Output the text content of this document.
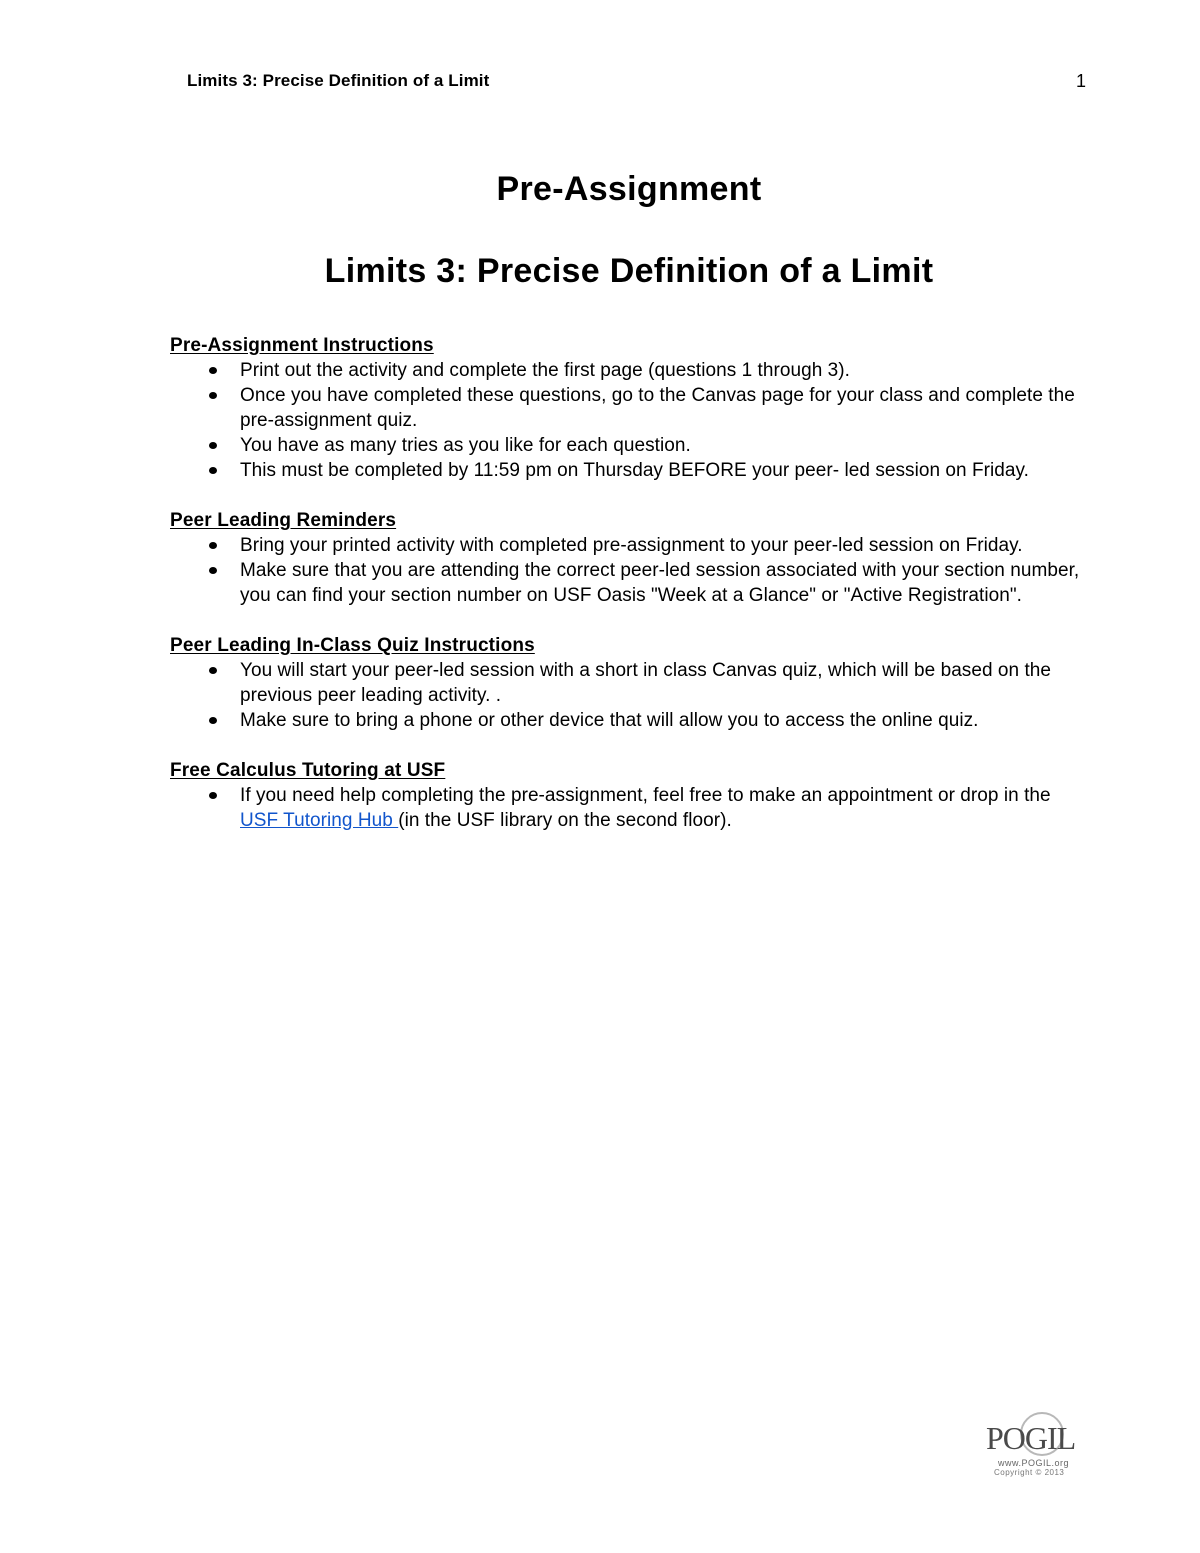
Limits 3: Precise Definition of a Limit	1
Pre-Assignment
Limits 3: Precise Definition of a Limit
Pre-Assignment Instructions
Print out the activity and complete the first page (questions 1 through 3).
Once you have completed these questions, go to the Canvas page for your class and complete the pre-assignment quiz.
You have as many tries as you like for each question.
This must be completed by 11:59 pm on Thursday BEFORE your peer- led session on Friday.
Peer Leading Reminders
Bring your printed activity with completed pre-assignment to your peer-led session on Friday.
Make sure that you are attending the correct peer-led session associated with your section number, you can find your section number on USF Oasis "Week at a Glance" or "Active Registration".
Peer Leading In-Class Quiz Instructions
You will start your peer-led session with a short in class Canvas quiz, which will be based on the previous peer leading activity. .
Make sure to bring a phone or other device that will allow you to access the online quiz.
Free Calculus Tutoring at USF
If you need help completing the pre-assignment, feel free to make an appointment or drop in the USF Tutoring Hub (in the USF library on the second floor).
POGIL
www.POGIL.org
Copyright © 2013
